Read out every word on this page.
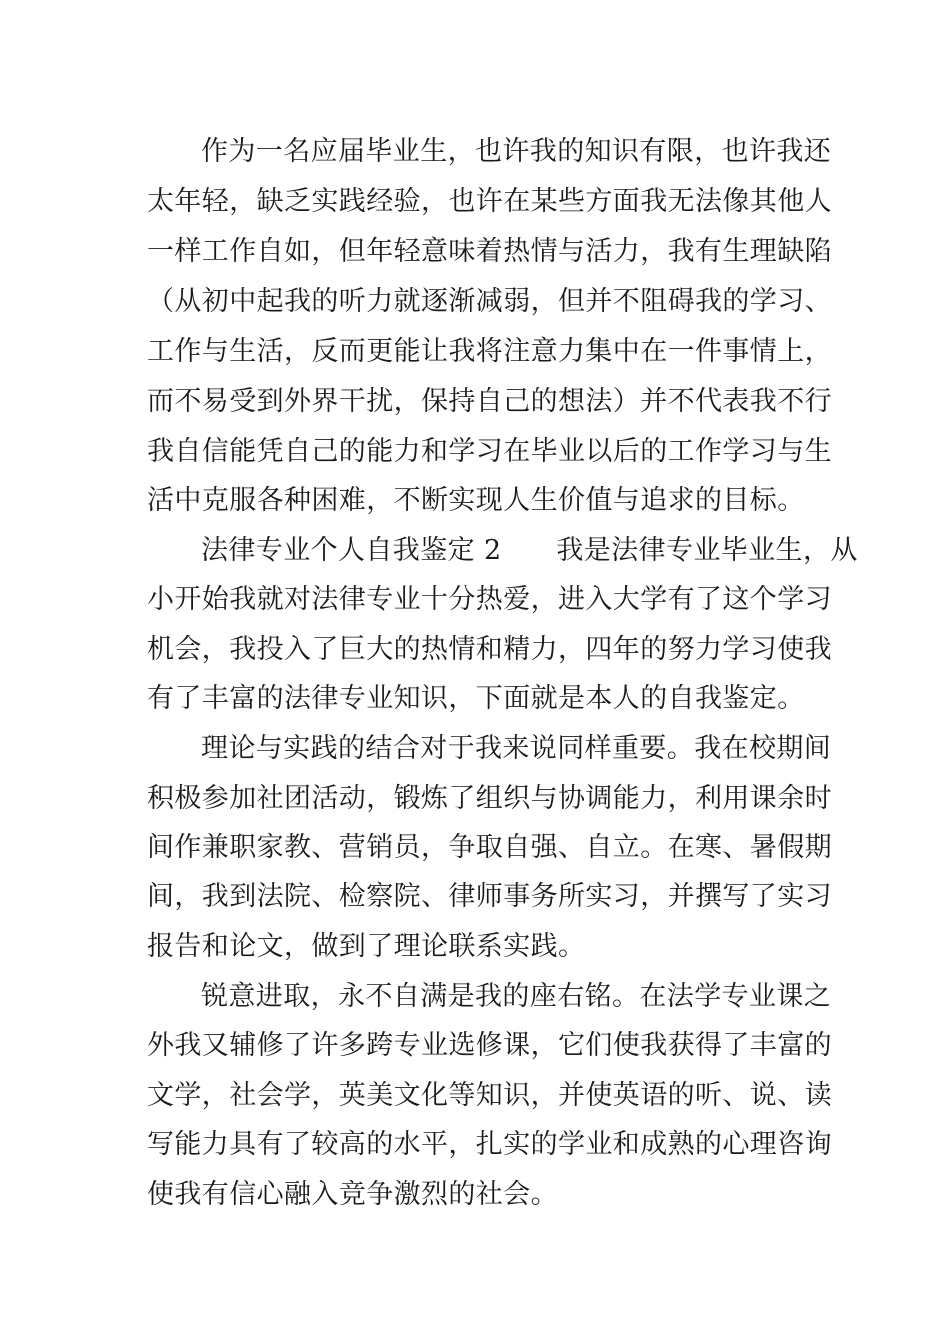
作为一名应届毕业生，也许我的知识有限，也许我还

太年轻，缺乏实践经验，也许在某些方面我无法像其他人

一样工作自如，但年轻意味着热情与活力，我有生理缺陷

（从初中起我的听力就逐渐减弱，但并不阻碍我的学习、

工作与生活，反而更能让我将注意力集中在一件事情上，

而不易受到外界干扰，保持自己的想法）并不代表我不行

我自信能凭自己的能力和学习在毕业以后的工作学习与生

活中克服各种困难，不断实现人生价值与追求的目标。

法律专业个人自我鉴定 2　　我是法律专业毕业生，从

小开始我就对法律专业十分热爱，进入大学有了这个学习

机会，我投入了巨大的热情和精力，四年的努力学习使我

有了丰富的法律专业知识，下面就是本人的自我鉴定。

理论与实践的结合对于我来说同样重要。我在校期间

积极参加社团活动，锻炼了组织与协调能力，利用课余时

间作兼职家教、营销员，争取自强、自立。在寒、暑假期

间，我到法院、检察院、律师事务所实习，并撰写了实习

报告和论文，做到了理论联系实践。

锐意进取，永不自满是我的座右铭。在法学专业课之

外我又辅修了许多跨专业选修课，它们使我获得了丰富的

文学，社会学，英美文化等知识，并使英语的听、说、读

写能力具有了较高的水平，扎实的学业和成熟的心理咨询

使我有信心融入竞争激烈的社会。
